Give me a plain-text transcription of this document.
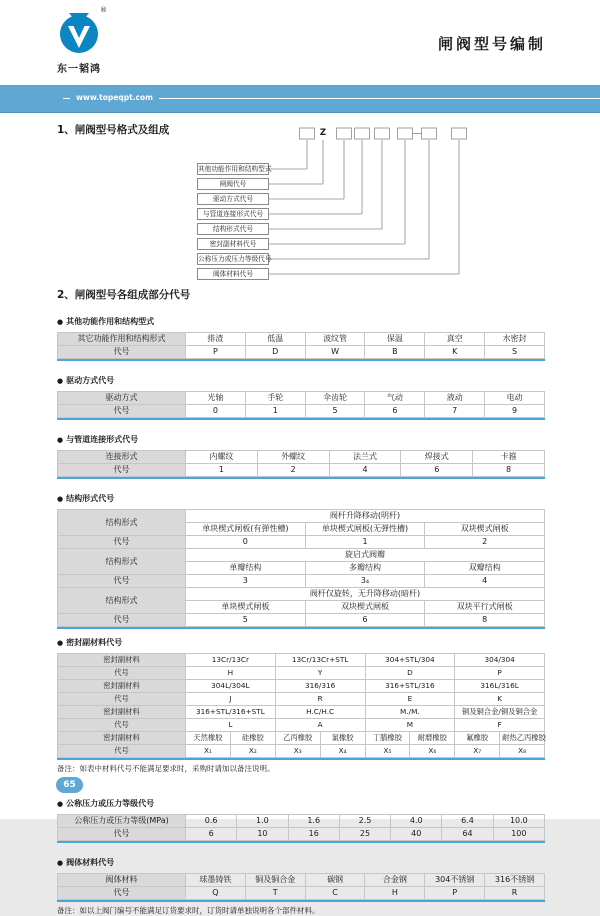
®
东一韬鸿
闸阀型号编制
www.topeqpt.com
1、闸阀型号格式及组成	Z
其他功能作用和结构型式
闸阀代号
驱动方式代号
与管道连接形式代号
结构形式代号
密封副材料代号
公称压力或压力等级代号
阀体材料代号
2、闸阀型号各组成部分代号
● 其他功能作用和结构型式
其它功能作用和结构形式	排渣	低温	波纹管	保温	真空	水密封
代号	P	D	W	B	K	S
● 驱动方式代号
驱动方式	光轴	手轮	伞齿轮	气动	液动	电动
代号	0	1	5	6	7	9
● 与管道连接形式代号
连接形式	内螺纹	外螺纹	法兰式	焊接式	卡箍
代号	1	2	4	6	8
● 结构形式代号
结构形式	阀杆升降移动(明杆)		
	单块楔式闸板(有弹性槽)	单块楔式闸板(无弹性槽)	双块楔式闸板
代号	0	1	2
结构形式	旋启式阀瓣		
	单瓣结构	多瓣结构	双瓣结构
代号	3	3₄	4
结构形式	阀杆仅旋转，无升降移动(暗杆)		
	单块楔式闸板	双块楔式闸板	双块平行式闸板
代号	5	6	8
● 密封副材料代号
密封副材料	13Cr/13Cr		13Cr/13Cr+STL		304+STL/304		304/304	
代号	H		Y		D		P	
密封副材料	304L/304L		316/316		316+STL/316		316L/316L	
代号	J		R		E		K	
密封副材料	316+STL/316+STL		H.C/H.C		M./M.		铜及铜合金/铜及铜合金	
代号	L		A		M		F	
密封副材料	天然橡胶	硅橡胶	乙丙橡胶	氯橡胶	丁腈橡胶	耐磨橡胶	氟橡胶	耐热乙丙橡胶
代号	X₁	X₂	X₃	X₄	X₅	X₆	X₇	X₈
备注：如表中材料代号不能满足要求时，采购时请加以备注说明。
● 公称压力或压力等级代号
公称压力或压力等级(MPa)	0.6	1.0	1.6	2.5	4.0	6.4	10.0
代号	6	10	16	25	40	64	100
● 阀体材料代号
阀体材料	球墨铸铁	铜及铜合金	碳钢	合金钢	304不锈钢	316不锈钢
代号	Q	T	C	H	P	R
备注：如以上阀门编号不能满足订货要求时，订货时请单独说明各个部件材料。
65
